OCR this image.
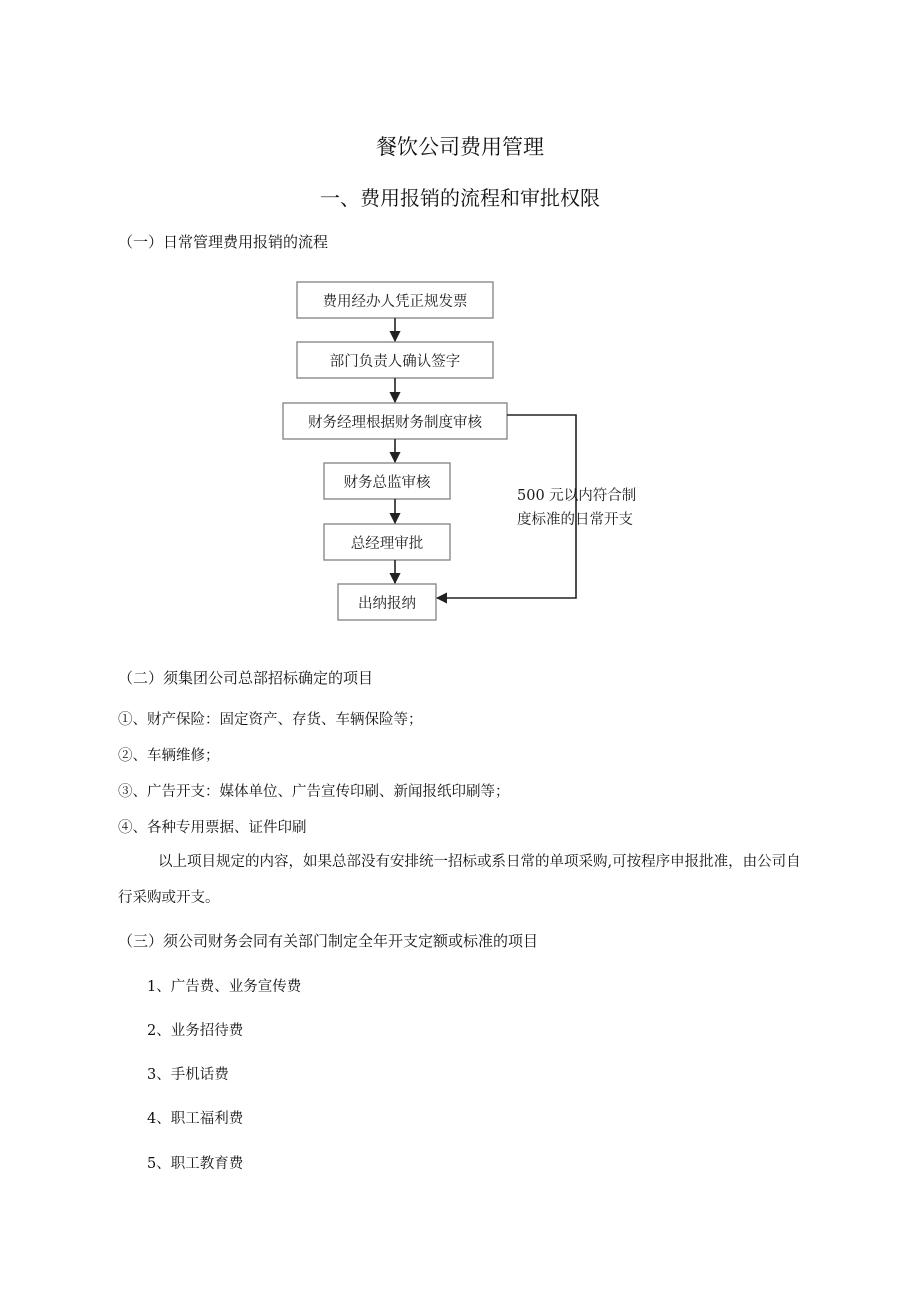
餐饮公司费用管理
一、费用报销的流程和审批权限
（一）日常管理费用报销的流程
费用经办人凭正规发票
部门负责人确认签字
财务经理根据财务制度审核
财务总监审核
总经理审批
出纳报纳
500 元以内符合制
度标准的日常开支
（二）须集团公司总部招标确定的项目
①、财产保险：固定资产、存货、车辆保险等；
②、车辆维修；
③、广告开支：媒体单位、广告宣传印刷、新闻报纸印刷等；
④、各种专用票据、证件印刷
以上项目规定的内容，如果总部没有安排统一招标或系日常的单项采购,可按程序申报批准，由公司自行采购或开支。
（三）须公司财务会同有关部门制定全年开支定额或标准的项目
1、广告费、业务宣传费
2、业务招待费
3、手机话费
4、职工福利费
5、职工教育费
